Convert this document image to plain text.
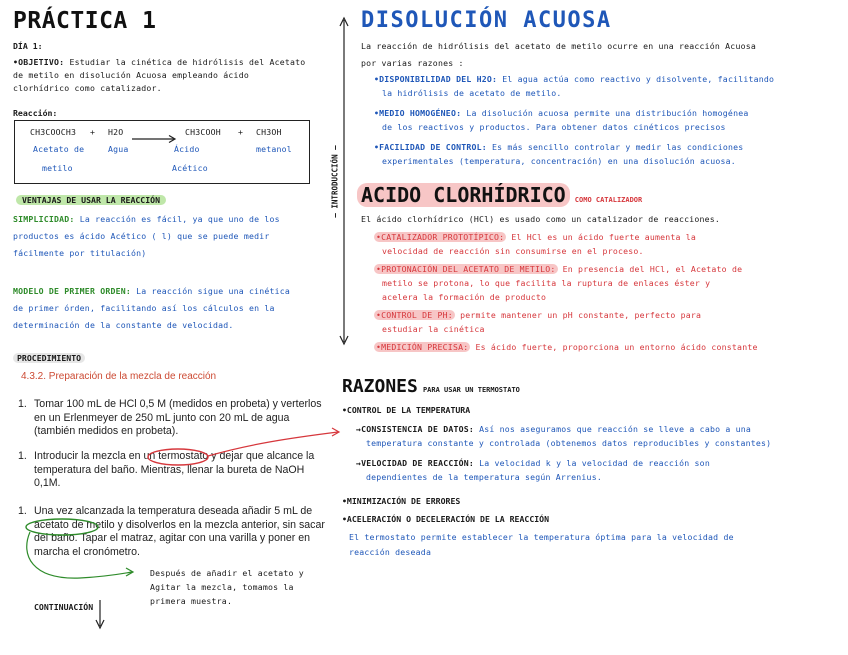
PRÁCTICA 1
DÍA 1:
•OBJETIVO: Estudiar la cinética de hidrólisis del Acetato
de metilo en disolución Acuosa empleando ácido
clorhídrico como catalizador.
Reacción:
CH3COOCH3 + H2O → CH3COOH + CH3OH
Acetato de
metilo
Agua	Ácido
Acético
metanol
VENTAJAS DE USAR LA REACCIÓN
SIMPLICIDAD: La reacción es fácil, ya que uno de los
productos es ácido Acético ( l) que se puede medir
fácilmente por titulación)
MODELO DE PRIMER ORDEN: La reacción sigue una cinética
de primer órden, facilitando así los cálculos en la
determinación de la constante de velocidad.
PROCEDIMIENTO
4.3.2. Preparación de la mezcla de reacción
1. Tomar 100 mL de HCl 0,5 M (medidos en probeta) y verterlos
en un Erlenmeyer de 250 mL junto con 20 mL de agua
(también medidos en probeta).
1. Introducir la mezcla en un termostato y dejar que alcance la
temperatura del baño. Mientras, llenar la bureta de NaOH
0,1M.
1. Una vez alcanzada la temperatura deseada añadir 5 mL de
acetato de metilo y disolverlos en la mezcla anterior, sin sacar
del baño. Tapar el matraz, agitar con una varilla y poner en
marcha el cronómetro.
Después de añadir el acetato y
Agitar la mezcla, tomamos la
primera muestra.
CONTINUACIÓN
— INTRODUCCIÓN —
DISOLUCIÓN ACUOSA
La reacción de hidrólisis del acetato de metilo ocurre en una reacción Acuosa
por varias razones :
•DISPONIBILIDAD DEL H2O: El agua actúa como reactivo y disolvente, facilitando
la hidrólisis de acetato de metilo.
•MEDIO HOMOGÉNEO: La disolución acuosa permite una distribución homogénea
de los reactivos y productos. Para obtener datos cinéticos precisos
•FACILIDAD DE CONTROL: Es más sencillo controlar y medir las condiciones
experimentales (temperatura, concentración) en una disolución acuosa.
ACIDO CLORHÍDRICO COMO CATALIZADOR
El ácido clorhídrico (HCl) es usado como un catalizador de reacciones.
•CATALIZADOR PROTOTÍPICO: El HCl es un ácido fuerte aumenta la
velocidad de reacción sin consumirse en el proceso.
•PROTONACIÓN DEL ACETATO DE METILO: En presencia del HCl, el Acetato de
metilo se protona, lo que facilita la ruptura de enlaces éster y
acelera la formación de producto
•CONTROL DE PH: permite mantener un pH constante, perfecto para
estudiar la cinética
•MEDICIÓN PRECISA: Es ácido fuerte, proporciona un entorno ácido constante
RAZONES PARA USAR UN TERMOSTATO
•CONTROL DE LA TEMPERATURA
→CONSISTENCIA DE DATOS: Así nos aseguramos que reacción se lleve a cabo a una
temperatura constante y controlada (obtenemos datos reproducibles y constantes)
→VELOCIDAD DE REACCIÓN: La velocidad k y la velocidad de reacción son
dependientes de la temperatura según Arrenius.
•MINIMIZACIÓN DE ERRORES
•ACELERACIÓN O DECELERACIÓN DE LA REACCIÓN
El termostato permite establecer la temperatura óptima para la velocidad de
reacción deseada
